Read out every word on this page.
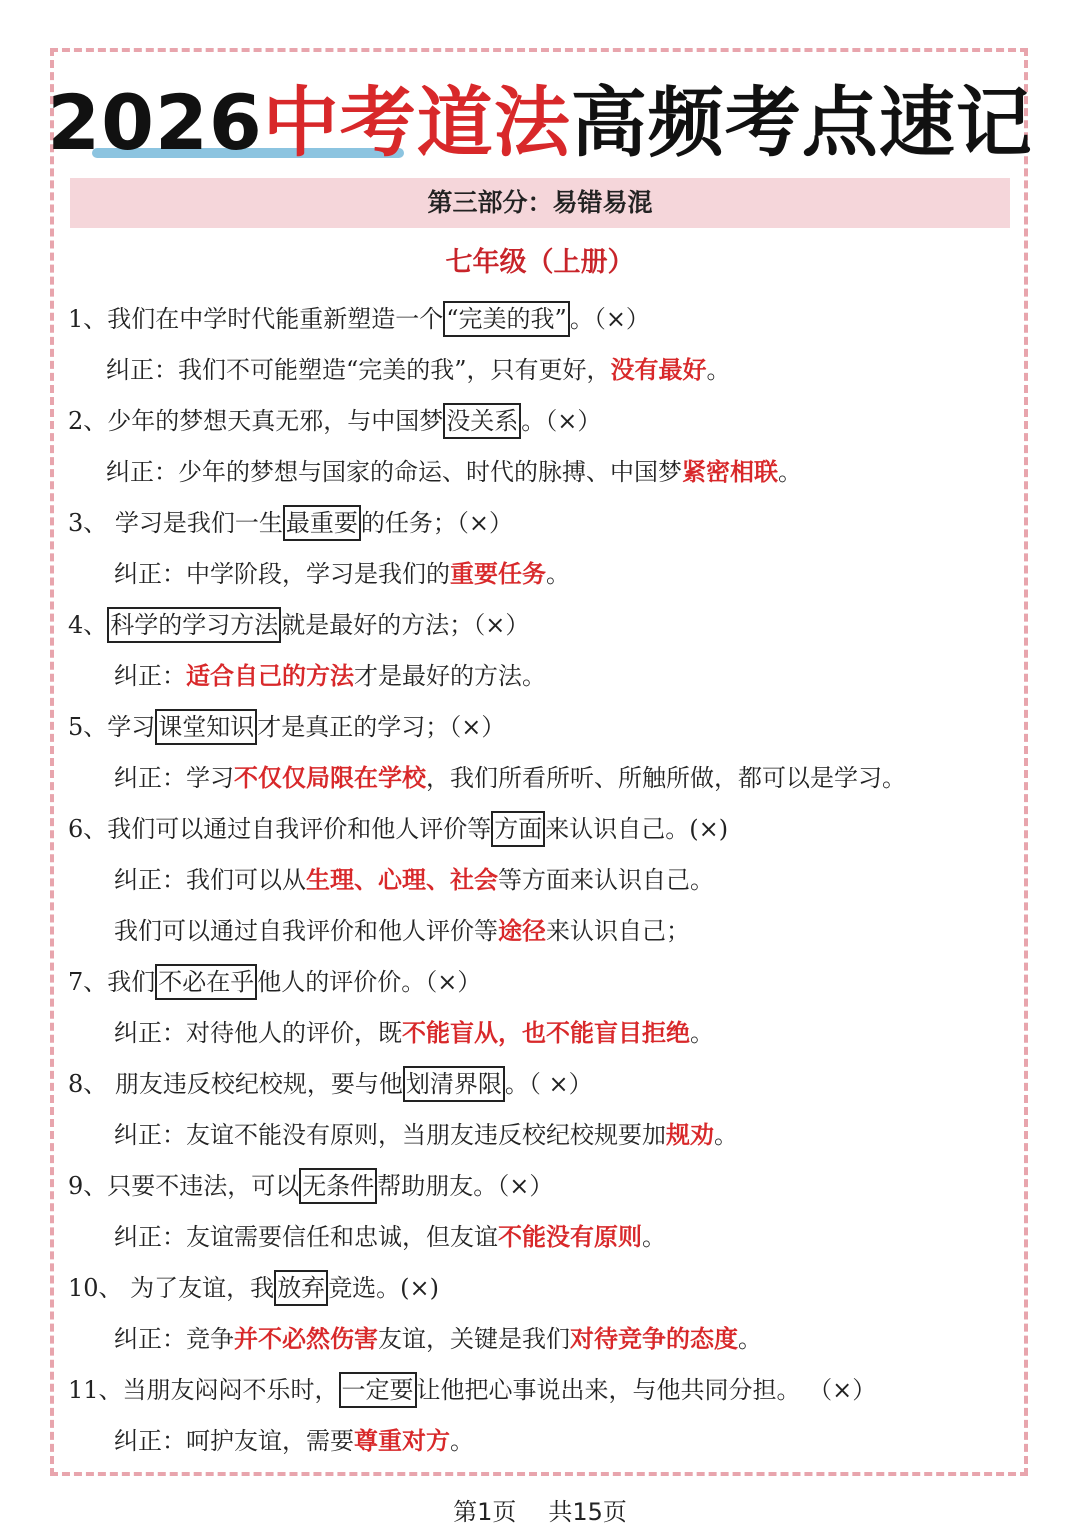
2026中考道法高频考点速记
第三部分：易错易混
七年级（上册）
1、我们在中学时代能重新塑造一个 “完美的我” 。（×）
纠正：我们不可能塑造“完美的我”，只有更好，没有最好。
2、少年的梦想天真无邪，与中国梦 没关系 。（×）
纠正：少年的梦想与国家的命运、时代的脉搏、中国梦紧密相联。
3、 学习是我们一生 最重要 的任务；（×）
纠正：中学阶段，学习是我们的重要任务。
4、 科学的学习方法 就是最好的方法；（×）
纠正：适合自己的方法才是最好的方法。
5、学习 课堂知识 才是真正的学习；（×）
纠正：学习不仅仅局限在学校，我们所看所听、所触所做，都可以是学习。
6、我们可以通过自我评价和他人评价等 方面 来认识自己。(×)
纠正：我们可以从生理、心理、社会等方面来认识自己。
我们可以通过自我评价和他人评价等途径来认识自己；
7、我们 不必在乎 他人的评价价。（×）
纠正：对待他人的评价，既不能盲从，也不能盲目拒绝。
8、 朋友违反校纪校规，要与他 划清界限 。（ ×）
纠正：友谊不能没有原则，当朋友违反校纪校规要加规劝。
9、只要不违法，可以 无条件 帮助朋友。（×）
纠正：友谊需要信任和忠诚，但友谊不能没有原则。
10、 为了友谊，我 放弃 竞选。(×)
纠正：竞争并不必然伤害友谊，关键是我们对待竞争的态度。
11、当朋友闷闷不乐时， 一定要 让他把心事说出来，与他共同分担。 （×）
纠正：呵护友谊，需要尊重对方。
第1页 共15页
